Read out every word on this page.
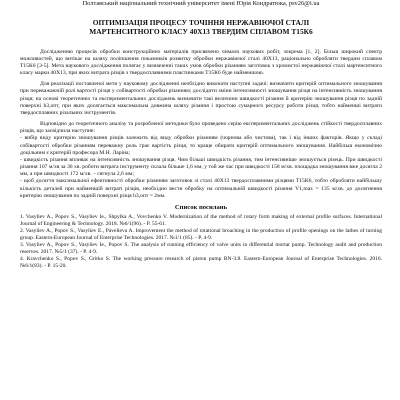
Полтавський національний технічний університет імені Юрія Кондратюка, psv26@i.ua
ОПТИМІЗАЦІЯ ПРОЦЕСУ ТОЧІННЯ НЕРЖАВІЮЧОЇ СТАЛІ
МАРТЕНСИТНОГО КЛАСУ 40Х13 ТВЕРДИМ СПЛАВОМ Т15К6

Дослідженню процесів обробки конструкційних матеріалів присвячено чимало наукових робіт, зокрема [1, 2]. Більш широкий спектр можливостей, що витікає на шляху поліпшення показників розвитку обробки нержавіючої сталі 40Х13, раціонально обробляти твердим сплавом Т15К6 [3-5]. Мета наукового дослідження полягає у визначенні таких умов обробки різанням заготовок з хромистої нержавіючої сталі мартенситного класу марки 40Х13, при яких витрата різців з твердосплавними пластинками Т15К6 буде найменшою.

Для реалізації поставленої мети у науковому дослідженні необхідно виконати наступні задачі: визначити критерій оптимального зношування при переважаючій ролі вартості різця у собівартості обробки різанням; дослідити зміни інтенсивності зношування різця на інтенсивність зношування різця; на основі теоретичних та експериментальних досліджень визначити такі величини швидкості різання й критерію зношування різця по задній поверхні h3,опт, при яких досягається максимальна довжина шляху різання і простою сумарного ресурсу роботи різця, тобто найменші витрати твердосплавних різальних інструментів.

Відповідно до теоретичного аналізу та розробленої методики було проведено серію експериментальних досліджень стійкості твердосплавних різців, що засвідчила наступне:

- вибір виду критерію зношування різців залежить від виду обробки різанням (чорнова або чистова), так і від інших факторів. Якщо у складі собівартості обробки різанням переважну роль грає вартість різця, то краще обирати критерій оптимального зношування. Найбільш економічно доцільним є критерій професора М.Н. Ларіна;

- швидкість різання впливає на інтенсивність зношування різця. Чим більші швидкість різання, тим інтенсивніше зношується різець. При швидкості різання 107 м/хв за 36 хв. роботи витрата інструменту склала більше 1,6 мм, у той же час при швидкості 158 м/хв. площадка зношування вже досягла 2 мм, а при швидкості 172 м/хв. – сягнула 2,6 мм;

- щоб досягти максимальної ефективності обробки різанням заготовок зі сталі 40Х13 твердосплавними різцями Т15К6, тобто обробляти найбільшу кількість деталей при найменшій витраті різців, необхідно вести обробку на оптимальній швидкості різання V1,max = 135 м/хв. до досягнення критерію зношування по задній поверхні різця h3,опт = 2мм.

Список посилань

1. Vasyliev A., Popov S., Vasyliev Ie., Shpylka A., Vovchenko V. Modernization of the method of rotary form making of external profile surfaces. International Journal of Engineering & Technology. 2018. №6/1(96). - P. 55-61.

2. Vasyliev A., Popov S., Vasyliev E., Pavelieva A. Improvement the method of rotational broaching in the production of profile openings on the lathes of turning group. Eastern-European Journal of Enterprise Technologies. 2017. №1/1 (85). - P. 4-9.

3. Vasyliev A., Popov S., Vasyliev Ie., Popov S. The analysis of running efficiency of valve units in differential mortar pump. Technology audit and production reserves. 2017. №5/1 (37). - P. 4-9.

4. Kravchenko S., Popov S., Gritko S. The working pressure research of piston pump RN-3.8. Eastern-European Journal of Enterprise Technologies. 2016. №6/1(83). - P. 15-20.
